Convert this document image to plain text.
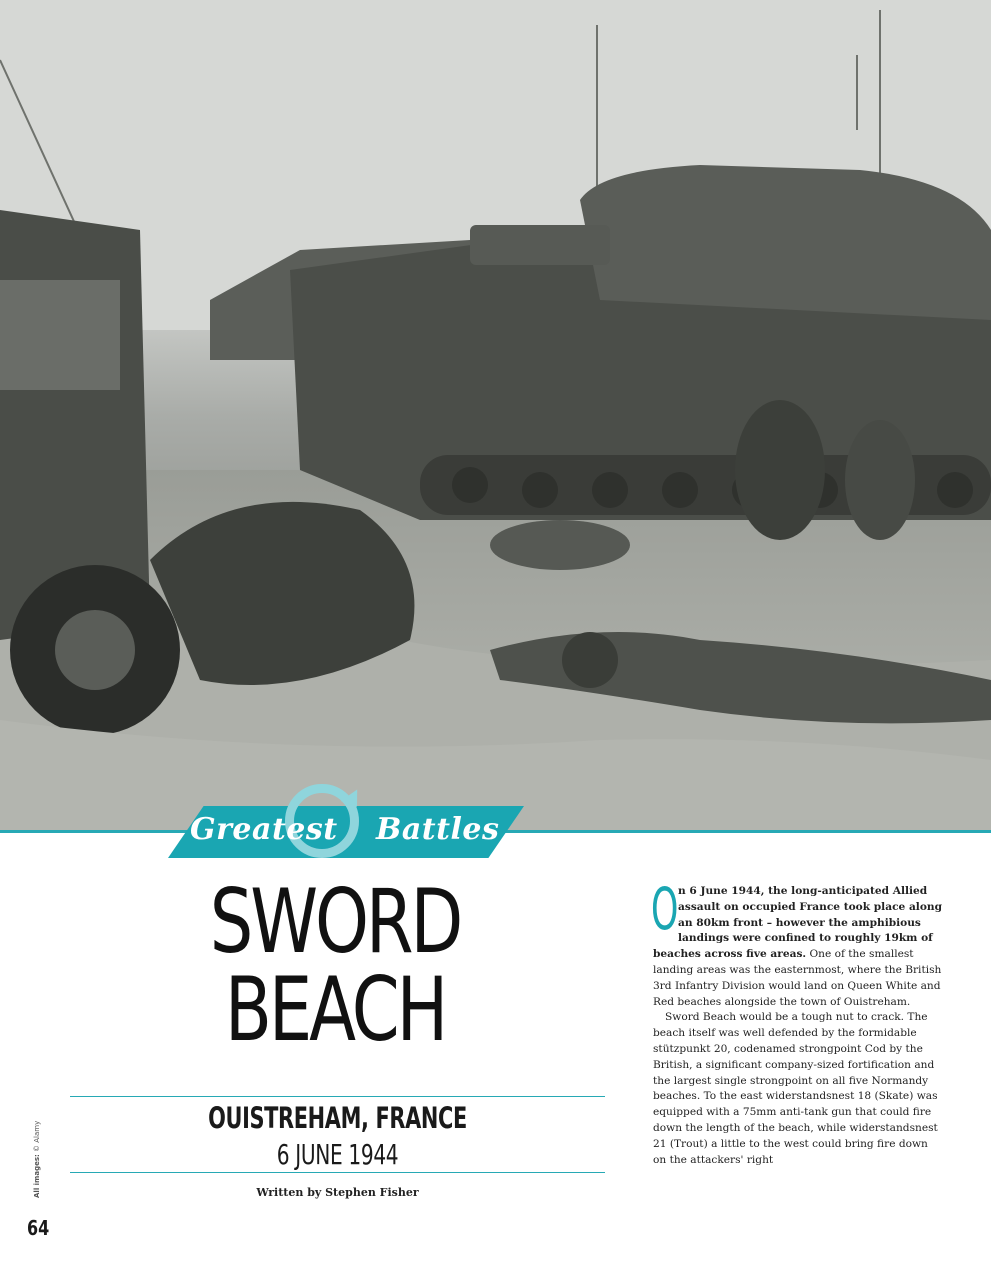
Greatest Battles
SWORD
BEACH
OUISTREHAM, FRANCE
6 JUNE 1944
Written by Stephen Fisher
All images: © Alamy
64

O n 6 June 1944, the long-anticipated Allied assault on occupied France took place along an 80km front – however the amphibious landings were confined to roughly 19km of beaches across five areas. One of the smallest landing areas was the easternmost, where the British 3rd Infantry Division would land on Queen White and Red beaches alongside the town of Ouistreham.

Sword Beach would be a tough nut to crack. The beach itself was well defended by the formidable stützpunkt 20, codenamed strongpoint Cod by the British, a significant company-sized fortification and the largest single strongpoint on all five Normandy beaches. To the east widerstandsnest 18 (Skate) was equipped with a 75mm anti-tank gun that could fire down the length of the beach, while widerstandsnest 21 (Trout) a little to the west could bring fire down on the attackers' right
